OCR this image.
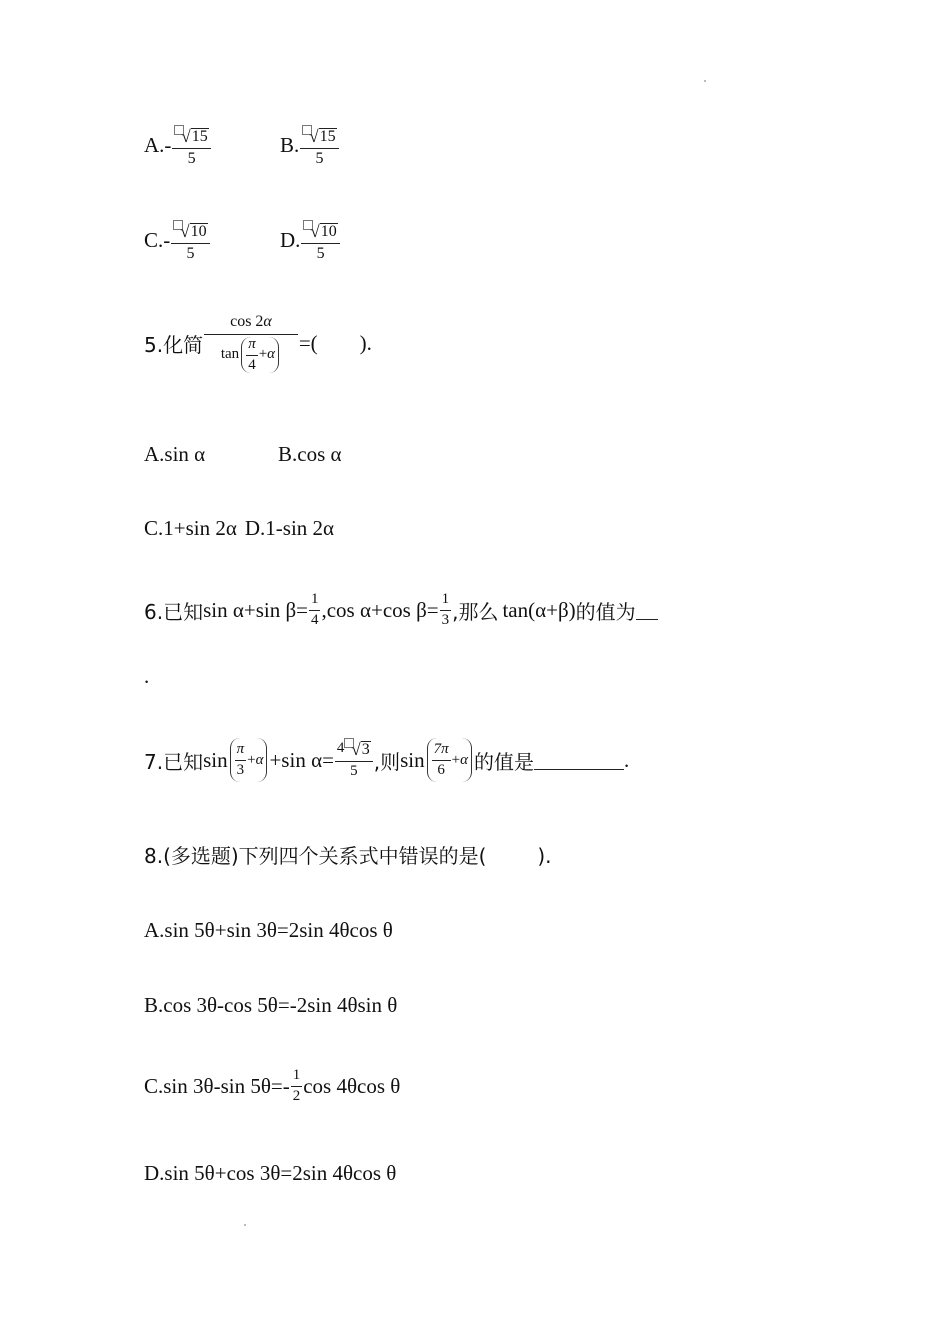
A. - $\frac{√ 15}{5}$	B. $\frac{√ 15}{5}$
C. - $\frac{√ 10}{5}$	D. $\frac{√ 10}{5}$
5.化简
cos 2α
$\tan \frac{\pi}{4} + \alpha$ =(        ).
A.sin α	B.cos α
C.1+sin 2α D.1-sin 2α
6.已知 sin α+sin $\beta= \frac{1}{4} ,\cos$ α+cos $\beta= \frac{1}{3}$ ,那么 tan(α+β) 的值为
.
7.已知 $\sin \frac{\pi}{3} + \alpha +\sin$ $\alpha= \frac{4 √ 3}{5}$ ,则 $\sin \frac{7\pi}{6} + \alpha$ 的值是	.
8.(多选题)下列四个关系式中错误的是(        ).
A.sin 5θ+sin 3θ=2sin 4θcos θ
B.cos 3θ-cos 5θ=-2sin 4θsin θ
C.sin 3θ-sin $5\theta=- \frac{1}{2}$ cos 4θcos θ
D.sin 5θ+cos 3θ=2sin 4θcos θ
